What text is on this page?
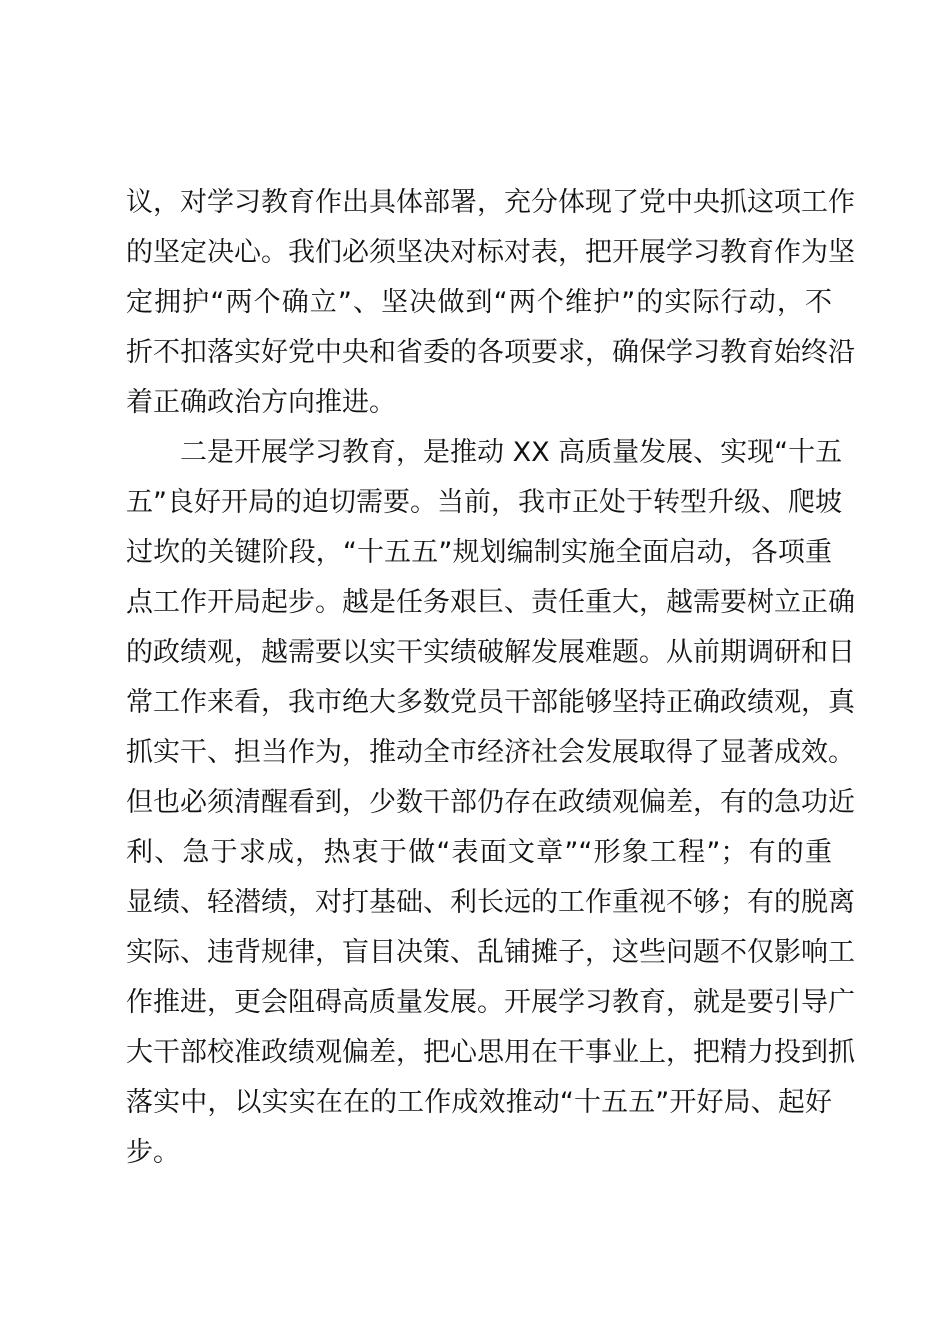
议，对学习教育作出具体部署，充分体现了党中央抓这项工作
的坚定决心。我们必须坚决对标对表，把开展学习教育作为坚
定拥护“两个确立”、坚决做到“两个维护”的实际行动，不
折不扣落实好党中央和省委的各项要求，确保学习教育始终沿
着正确政治方向推进。
二是开展学习教育，是推动 XX 高质量发展、实现“十五
五”良好开局的迫切需要。当前，我市正处于转型升级、爬坡
过坎的关键阶段，“十五五”规划编制实施全面启动，各项重
点工作开局起步。越是任务艰巨、责任重大，越需要树立正确
的政绩观，越需要以实干实绩破解发展难题。从前期调研和日
常工作来看，我市绝大多数党员干部能够坚持正确政绩观，真
抓实干、担当作为，推动全市经济社会发展取得了显著成效。
但也必须清醒看到，少数干部仍存在政绩观偏差，有的急功近
利、急于求成，热衷于做“表面文章”“形象工程”；有的重
显绩、轻潜绩，对打基础、利长远的工作重视不够；有的脱离
实际、违背规律，盲目决策、乱铺摊子，这些问题不仅影响工
作推进，更会阻碍高质量发展。开展学习教育，就是要引导广
大干部校准政绩观偏差，把心思用在干事业上，把精力投到抓
落实中，以实实在在的工作成效推动“十五五”开好局、起好
步。
